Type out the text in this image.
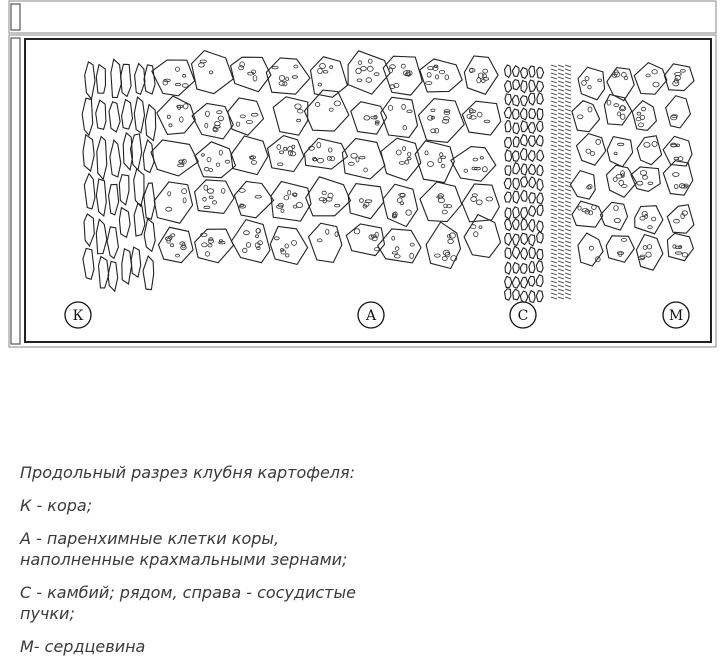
К	А	С	М

Продольный разрез клубня картофеля:

К - кора;

А - паренхимные клетки коры, наполненные крахмальными зернами;

С - камбий; рядом, справа - сосудистые пучки;

М- сердцевина
